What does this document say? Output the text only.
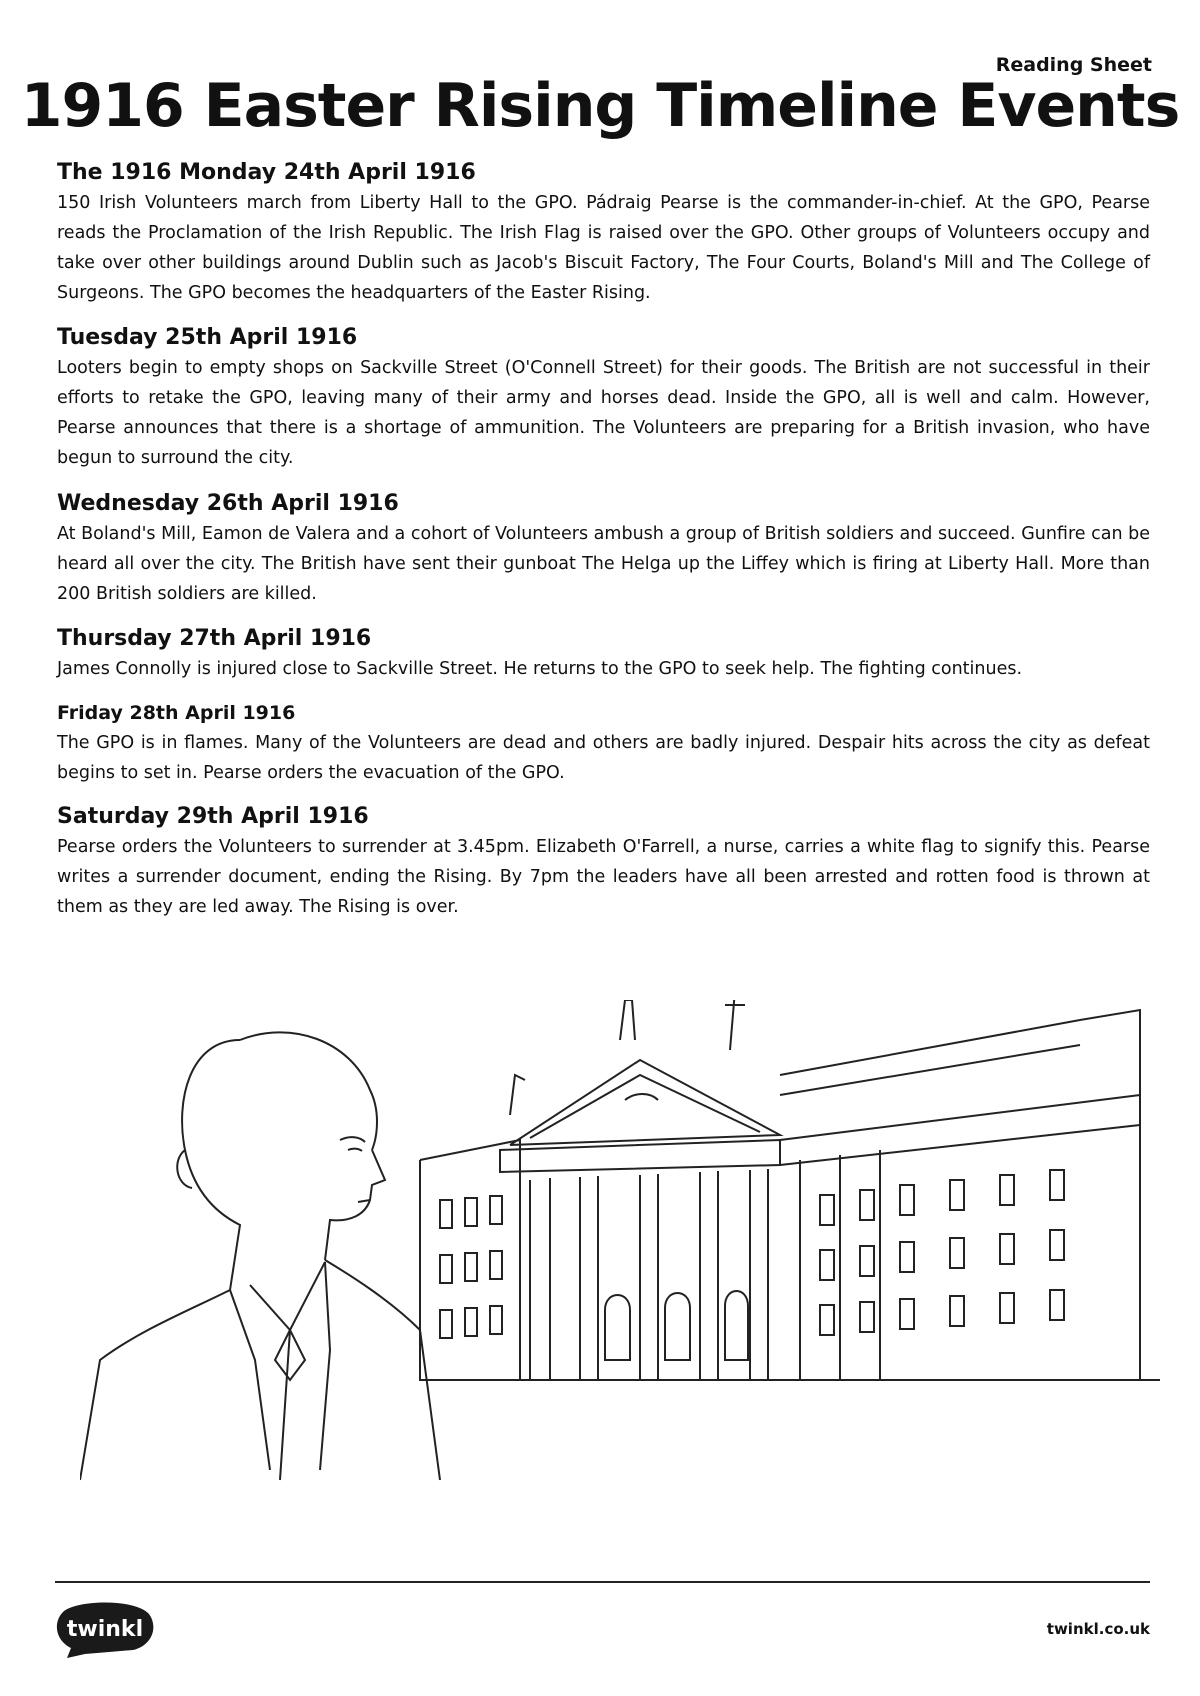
Reading Sheet
1916 Easter Rising Timeline Events
The 1916 Monday 24th April 1916

150 Irish Volunteers march from Liberty Hall to the GPO. Pádraig Pearse is the commander-in-chief. At the GPO, Pearse reads the Proclamation of the Irish Republic. The Irish Flag is raised over the GPO. Other groups of Volunteers occupy and take over other buildings around Dublin such as Jacob's Biscuit Factory, The Four Courts, Boland's Mill and The College of Surgeons. The GPO becomes the headquarters of the Easter Rising.

Tuesday 25th April 1916

Looters begin to empty shops on Sackville Street (O'Connell Street) for their goods. The British are not successful in their efforts to retake the GPO, leaving many of their army and horses dead. Inside the GPO, all is well and calm. However, Pearse announces that there is a shortage of ammunition. The Volunteers are preparing for a British invasion, who have begun to surround the city.

Wednesday 26th April 1916

At Boland's Mill, Eamon de Valera and a cohort of Volunteers ambush a group of British soldiers and succeed. Gunfire can be heard all over the city. The British have sent their gunboat The Helga up the Liffey which is firing at Liberty Hall. More than 200 British soldiers are killed.

Thursday 27th April 1916

James Connolly is injured close to Sackville Street. He returns to the GPO to seek help. The fighting continues.

Friday 28th April 1916

The GPO is in flames. Many of the Volunteers are dead and others are badly injured. Despair hits across the city as defeat begins to set in. Pearse orders the evacuation of the GPO.

Saturday 29th April 1916

Pearse orders the Volunteers to surrender at 3.45pm. Elizabeth O'Farrell, a nurse, carries a white flag to signify this. Pearse writes a surrender document, ending the Rising. By 7pm the leaders have all been arrested and rotten food is thrown at them as they are led away. The Rising is over.

twinkl	twinkl.co.uk
